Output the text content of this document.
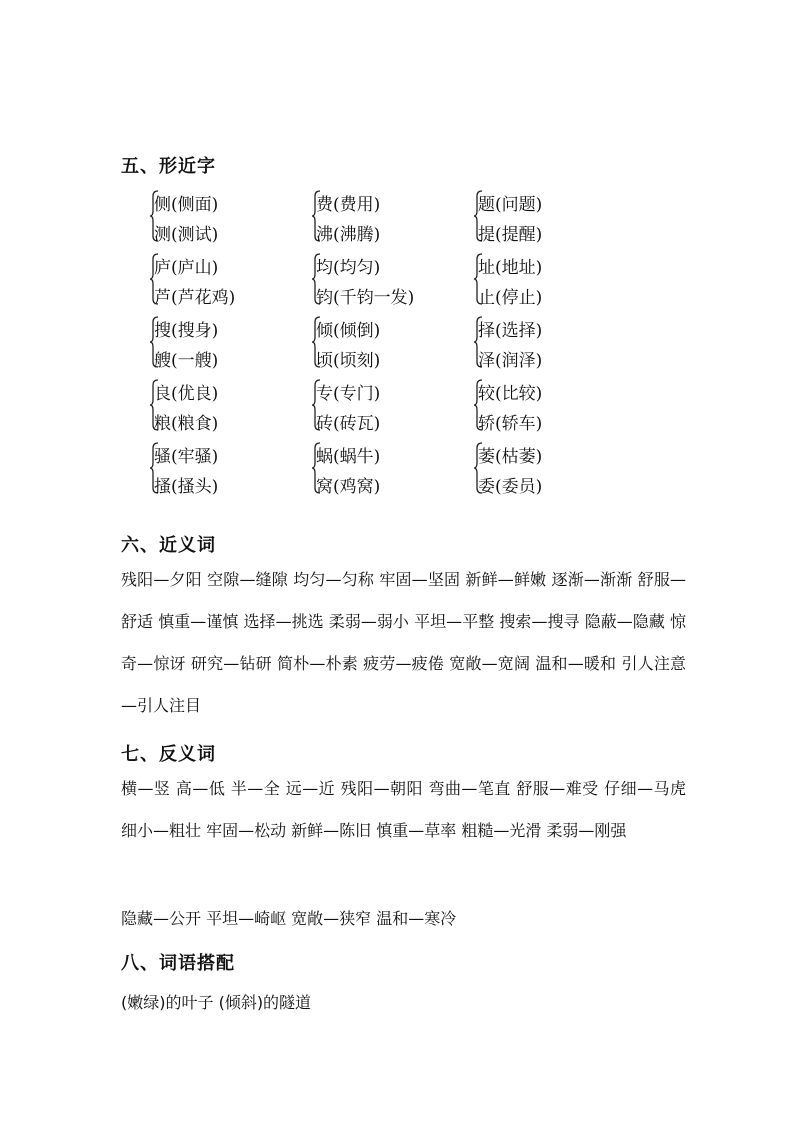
五、形近字
侧(侧面)
测(测试)
费(费用)
沸(沸腾)
题(问题)
提(提醒)
庐(庐山)
芦(芦花鸡)
均(均匀)
钧(千钧一发)
址(地址)
止(停止)
搜(搜身)
艘(一艘)
倾(倾倒)
顷(顷刻)
择(选择)
泽(润泽)
良(优良)
粮(粮食)
专(专门)
砖(砖瓦)
较(比较)
轿(轿车)
骚(牢骚)
搔(搔头)
蜗(蜗牛)
窝(鸡窝)
萎(枯萎)
委(委员)
六、近义词
残阳—夕阳 空隙—缝隙 均匀—匀称 牢固—坚固 新鲜—鲜嫩 逐渐—渐渐 舒服—舒适 慎重—谨慎 选择—挑选 柔弱—弱小 平坦—平整 搜索—搜寻 隐蔽—隐藏 惊奇—惊讶 研究—钻研 简朴—朴素 疲劳—疲倦 宽敞—宽阔 温和—暖和 引人注意—引人注目
七、反义词
横—竖 高—低 半—全 远—近 残阳—朝阳 弯曲—笔直 舒服—难受 仔细—马虎 细小—粗壮 牢固—松动 新鲜—陈旧 慎重—草率 粗糙—光滑 柔弱—刚强
隐藏—公开 平坦—崎岖 宽敞—狭窄 温和—寒冷
八、词语搭配
(嫩绿)的叶子 (倾斜)的隧道
